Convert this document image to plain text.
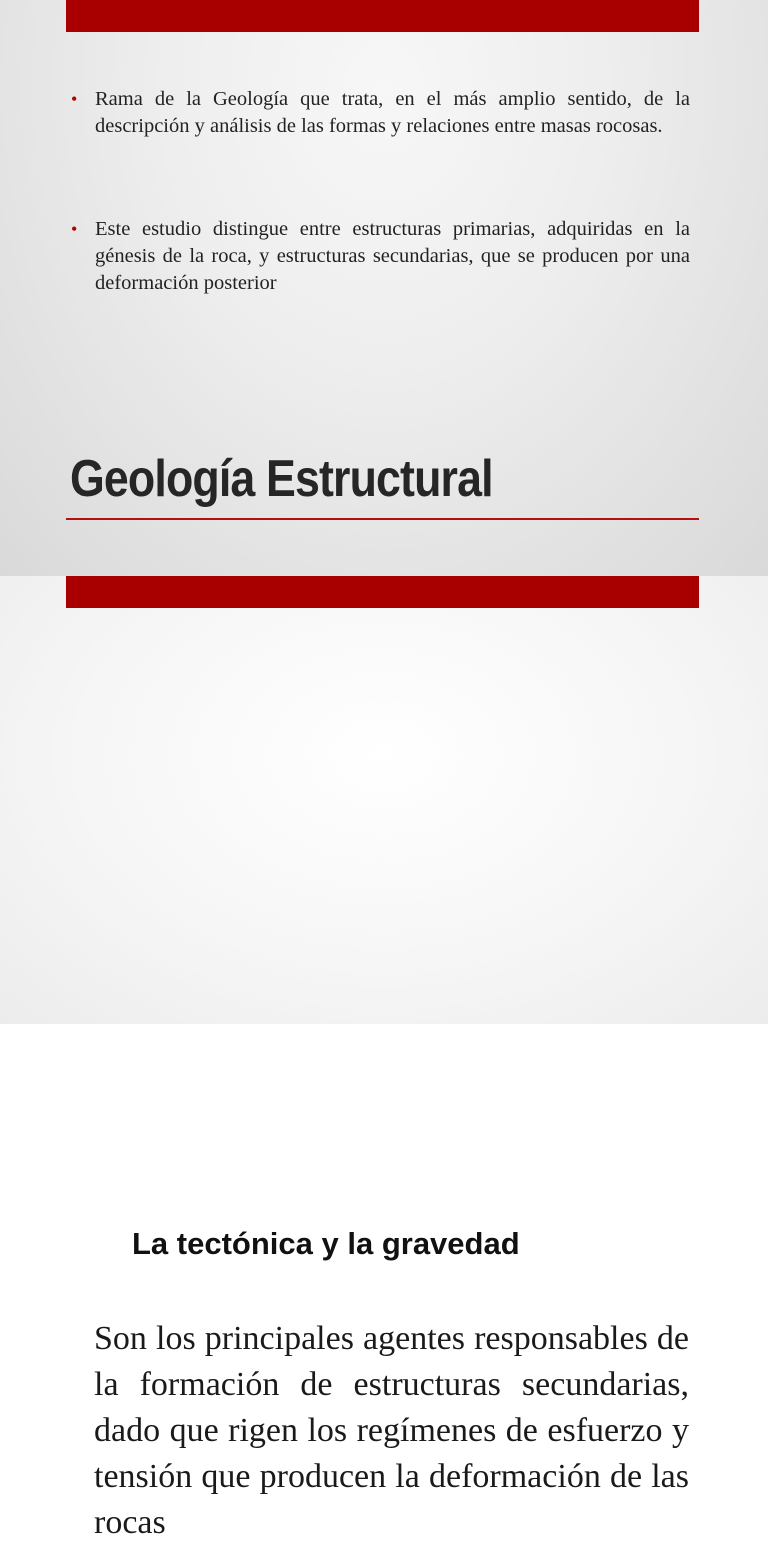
• Rama de la Geología que trata, en el más amplio sentido, de la descripción y análisis de las formas y relaciones entre masas rocosas.
• Este estudio distingue entre estructuras primarias, adquiridas en la génesis de la roca, y estructuras secundarias, que se producen por una deformación posterior
Geología Estructural
La tectónica y la gravedad

Son los principales agentes responsables de la formación de estructuras secundarias, dado que rigen los regímenes de esfuerzo y tensión que producen la deformación de las rocas
